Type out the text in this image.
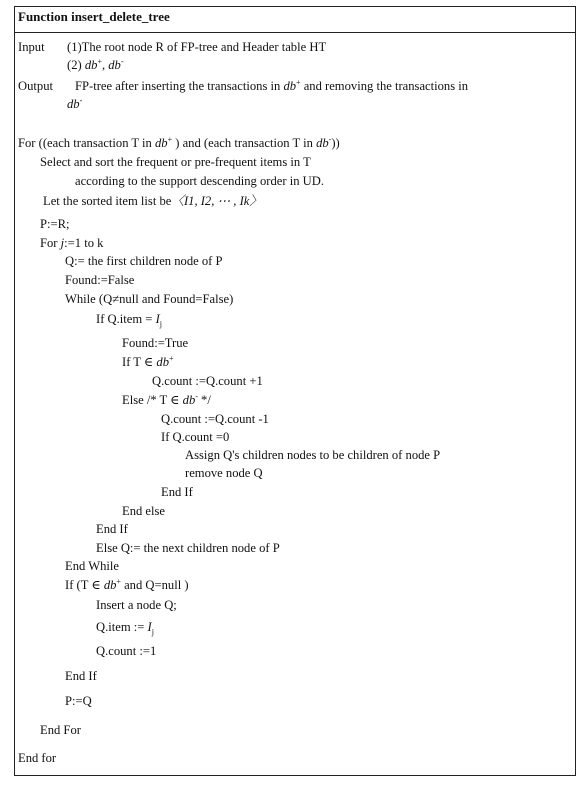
Function insert_delete_tree
Input (1)The root node R of FP-tree and Header table HT
(2) db+, db-
Output FP-tree after inserting the transactions in db+ and removing the transactions in
db-
For ((each transaction T in db+ ) and (each transaction T in db-))
Select and sort the frequent or pre-frequent items in T
according to the support descending order in UD.
Let the sorted item list be〈I1, I2, ⋯ , Ik〉
P:=R;
For j:=1 to k
Q:= the first children node of P
Found:=False
While (Q≠null and Found=False)
If Q.item = $I_j$
Found:=True
If T ∈ db+
Q.count :=Q.count +1
Else /* T ∈ db- */
Q.count :=Q.count -1
If Q.count =0
Assign Q's children nodes to be children of node P
remove node Q
End If
End else
End If
Else Q:= the next children node of P
End While
If (T ∈ db+ and Q=null )
Insert a node Q;
Q.item := $I_j$
Q.count :=1
End If
P:=Q
End For
End for
